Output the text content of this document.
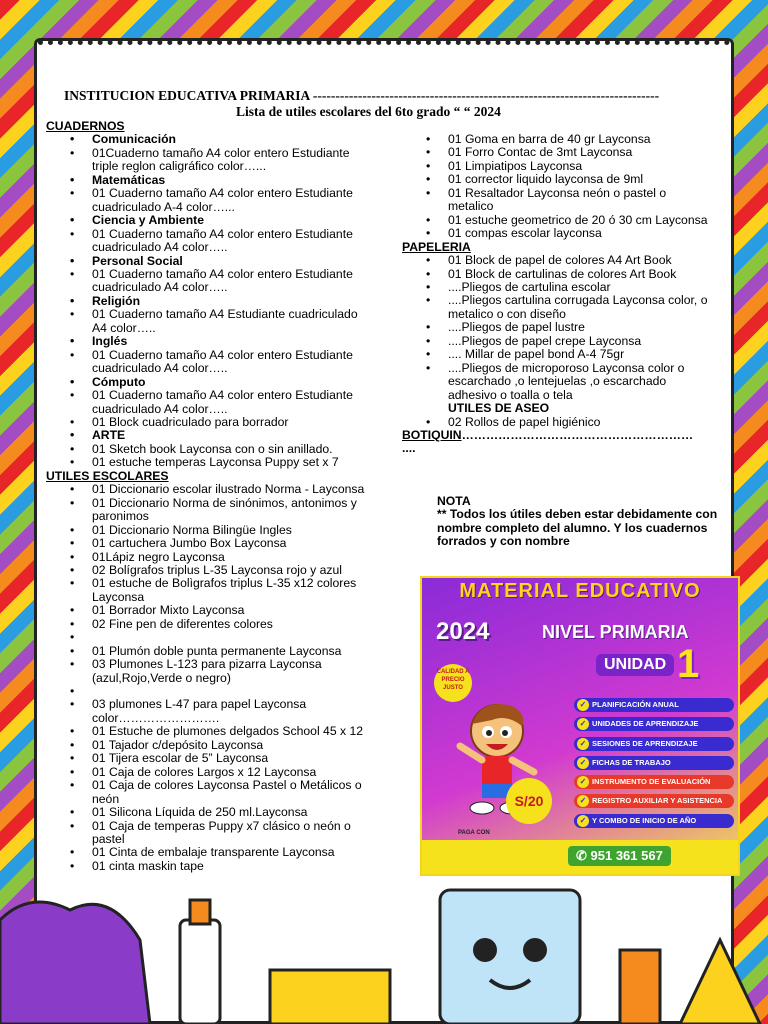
INSTITUCION EDUCATIVA PRIMARIA -----------------------------------------------------------------------------
Lista de utiles escolares del 6to grado “ “ 2024
CUADERNOS
• Comunicación
• 01Cuaderno tamaño A4 color entero Estudiante triple reglon caligráfico color…...
• Matemáticas
• 01 Cuaderno tamaño A4 color entero Estudiante cuadriculado A-4 color…...
• Ciencia y Ambiente
• 01 Cuaderno tamaño A4 color entero Estudiante cuadriculado A4 color…..
• Personal Social
• 01 Cuaderno tamaño A4 color entero Estudiante cuadriculado A4 color…..
• Religión
• 01 Cuaderno tamaño A4 Estudiante cuadriculado A4 color…..
• Inglés
• 01 Cuaderno tamaño A4 color entero Estudiante cuadriculado A4 color…..
• Cómputo
• 01 Cuaderno tamaño A4 color entero Estudiante cuadriculado A4 color…..
• 01 Block cuadriculado para borrador
• ARTE
• 01 Sketch book Layconsa con o sin anillado.
• 01 estuche temperas Layconsa Puppy set x 7
UTILES ESCOLARES
• 01 Diccionario escolar ilustrado Norma - Layconsa
• 01 Diccionario Norma de sinónimos, antonimos y paronimos
• 01 Diccionario Norma Bilingüe Ingles
• 01 cartuchera Jumbo Box Layconsa
• 01Lápiz negro Layconsa
• 02 Bolígrafos triplus L-35 Layconsa rojo y azul
• 01 estuche de Bolìgrafos triplus L-35 x12 colores Layconsa
• 01 Borrador Mixto Layconsa
• 02 Fine pen de diferentes colores
•
• 01 Plumón doble punta permanente Layconsa
• 03 Plumones L-123 para pizarra Layconsa (azul,Rojo,Verde o negro)
•
• 03 plumones L-47 para papel Layconsa color…………………….
• 01 Estuche de plumones delgados School 45 x 12
• 01 Tajador c/depósito Layconsa
• 01 Tijera escolar de 5” Layconsa
• 01 Caja de colores Largos x 12 Layconsa
• 01 Caja de colores Layconsa Pastel o Metálicos o neón
• 01 Silicona Líquida de 250 ml.Layconsa
• 01 Caja de temperas Puppy x7 clásico o neón o pastel
• 01 Cinta de embalaje transparente Layconsa
• 01 cinta maskin tape
• 01 Goma en barra de 40 gr Layconsa
• 01 Forro Contac de 3mt Layconsa
• 01 Limpiatipos Layconsa
• 01 corrector liquido layconsa de 9ml
• 01 Resaltador Layconsa neón o pastel o metalico
• 01 estuche geometrico de 20 ó 30 cm Layconsa
• 01 compas escolar layconsa
PAPELERIA
• 01 Block de papel de colores A4 Art Book
• 01 Block de cartulinas de colores Art Book
• ....Pliegos de cartulina escolar
• ....Pliegos cartulina corrugada Layconsa color, o metalico o con diseño
• ....Pliegos de papel lustre
• ....Pliegos de papel crepe Layconsa
• .... Millar de papel bond A-4 75gr
• ....Pliegos de microporoso Layconsa color o escarchado ,o lentejuelas ,o escarchado adhesivo o toalla o tela
UTILES DE ASEO
• 02 Rollos de papel higiénico
BOTIQUIN…………………………………………………
....
NOTA
** Todos los útiles deben estar debidamente con nombre completo del alumno. Y los cuadernos forrados y con nombre
MATERIAL EDUCATIVO
2024	NIVEL PRIMARIA
UNIDAD 1
CALIDAD A PRECIO JUSTO
S/20
✓ PLANIFICACIÓN ANUAL
✓ UNIDADES DE APRENDIZAJE
✓ SESIONES DE APRENDIZAJE
✓ FICHAS DE TRABAJO
✓ INSTRUMENTO DE EVALUACIÓN
✓ REGISTRO AUXILIAR Y ASISTENCIA
✓ Y COMBO DE INICIO DE AÑO
PAGA CON
✆ 951 361 567
